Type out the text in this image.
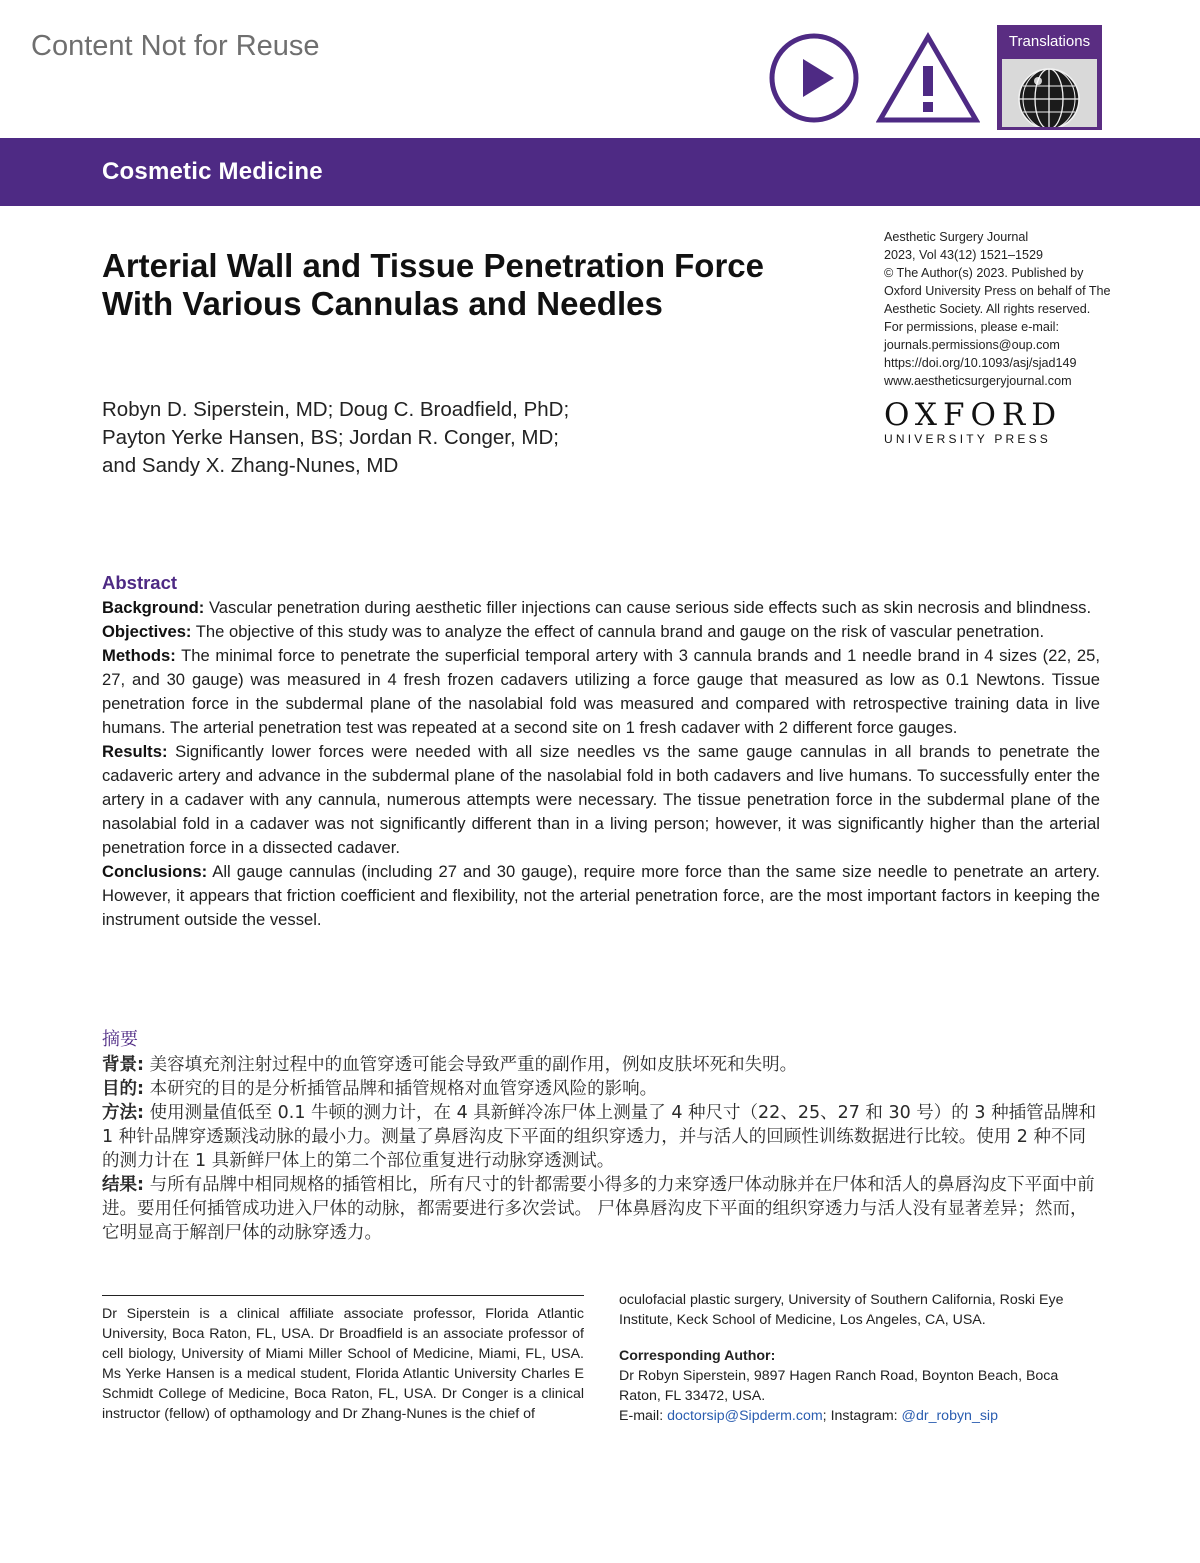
Content Not for Reuse	Translations
Cosmetic Medicine
Arterial Wall and Tissue Penetration Force
With Various Cannulas and Needles
Aesthetic Surgery Journal
2023, Vol 43(12) 1521–1529
© The Author(s) 2023. Published by
Oxford University Press on behalf of The
Aesthetic Society. All rights reserved.
For permissions, please e-mail:
journals.permissions@oup.com
https://doi.org/10.1093/asj/sjad149
www.aestheticsurgeryjournal.com
OXFORD
UNIVERSITY PRESS
Robyn D. Siperstein, MD; Doug C. Broadfield, PhD;
Payton Yerke Hansen, BS; Jordan R. Conger, MD;
and Sandy X. Zhang-Nunes, MD
Abstract

Background: Vascular penetration during aesthetic filler injections can cause serious side effects such as skin necrosis and blindness.

Objectives: The objective of this study was to analyze the effect of cannula brand and gauge on the risk of vascular penetration.

Methods: The minimal force to penetrate the superficial temporal artery with 3 cannula brands and 1 needle brand in 4 sizes (22, 25, 27, and 30 gauge) was measured in 4 fresh frozen cadavers utilizing a force gauge that measured as low as 0.1 Newtons. Tissue penetration force in the subdermal plane of the nasolabial fold was measured and compared with retrospective training data in live humans. The arterial penetration test was repeated at a second site on 1 fresh cadaver with 2 different force gauges.

Results: Significantly lower forces were needed with all size needles vs the same gauge cannulas in all brands to penetrate the cadaveric artery and advance in the subdermal plane of the nasolabial fold in both cadavers and live humans. To successfully enter the artery in a cadaver with any cannula, numerous attempts were necessary. The tissue penetration force in the subdermal plane of the nasolabial fold in a cadaver was not significantly different than in a living person; however, it was significantly higher than the arterial penetration force in a dissected cadaver.

Conclusions: All gauge cannulas (including 27 and 30 gauge), require more force than the same size needle to penetrate an artery. However, it appears that friction coefficient and flexibility, not the arterial penetration force, are the most important factors in keeping the instrument outside the vessel.

摘要

背景: 美容填充剂注射过程中的血管穿透可能会导致严重的副作用，例如皮肤坏死和失明。

目的: 本研究的目的是分析插管品牌和插管规格对血管穿透风险的影响。

方法: 使用测量值低至 0.1 牛顿的测力计，在 4 具新鲜冷冻尸体上测量了 4 种尺寸（22、25、27 和 30 号）的 3 种插管品牌和 1 种针品牌穿透颞浅动脉的最小力。测量了鼻唇沟皮下平面的组织穿透力，并与活人的回顾性训练数据进行比较。使用 2 种不同的测力计在 1 具新鲜尸体上的第二个部位重复进行动脉穿透测试。

结果: 与所有品牌中相同规格的插管相比，所有尺寸的针都需要小得多的力来穿透尸体动脉并在尸体和活人的鼻唇沟皮下平面中前进。要用任何插管成功进入尸体的动脉，都需要进行多次尝试。 尸体鼻唇沟皮下平面的组织穿透力与活人没有显著差异；然而，它明显高于解剖尸体的动脉穿透力。

Dr Siperstein is a clinical affiliate associate professor, Florida Atlantic University, Boca Raton, FL, USA. Dr Broadfield is an associate professor of cell biology, University of Miami Miller School of Medicine, Miami, FL, USA. Ms Yerke Hansen is a medical student, Florida Atlantic University Charles E Schmidt College of Medicine, Boca Raton, FL, USA. Dr Conger is a clinical instructor (fellow) of opthamology and Dr Zhang-Nunes is the chief of

oculofacial plastic surgery, University of Southern California, Roski Eye Institute, Keck School of Medicine, Los Angeles, CA, USA.

Corresponding Author:

Dr Robyn Siperstein, 9897 Hagen Ranch Road, Boynton Beach, Boca Raton, FL 33472, USA.

E-mail: doctorsip@Sipderm.com; Instagram: @dr_robyn_sip
